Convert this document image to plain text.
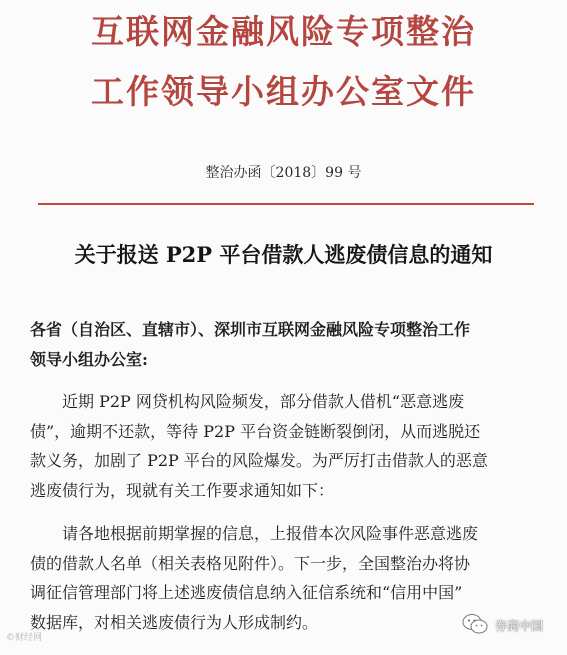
互联网金融风险专项整治
工作领导小组办公室文件
整治办函〔2018〕99 号
关于报送 P2P 平台借款人逃废债信息的通知
各省（自治区、直辖市）、深圳市互联网金融风险专项整治工作
领导小组办公室:
　　近期 P2P 网贷机构风险频发，部分借款人借机“恶意逃废
债”，逾期不还款，等待 P2P 平台资金链断裂倒闭，从而逃脱还
款义务，加剧了 P2P 平台的风险爆发。为严厉打击借款人的恶意
逃废债行为，现就有关工作要求通知如下：
　　请各地根据前期掌握的信息，上报借本次风险事件恶意逃废
债的借款人名单（相关表格见附件）。下一步，全国整治办将协
调征信管理部门将上述逃废债信息纳入征信系统和“信用中国”
数据库，对相关逃废债行为人形成制约。
©财经网
券商中国
